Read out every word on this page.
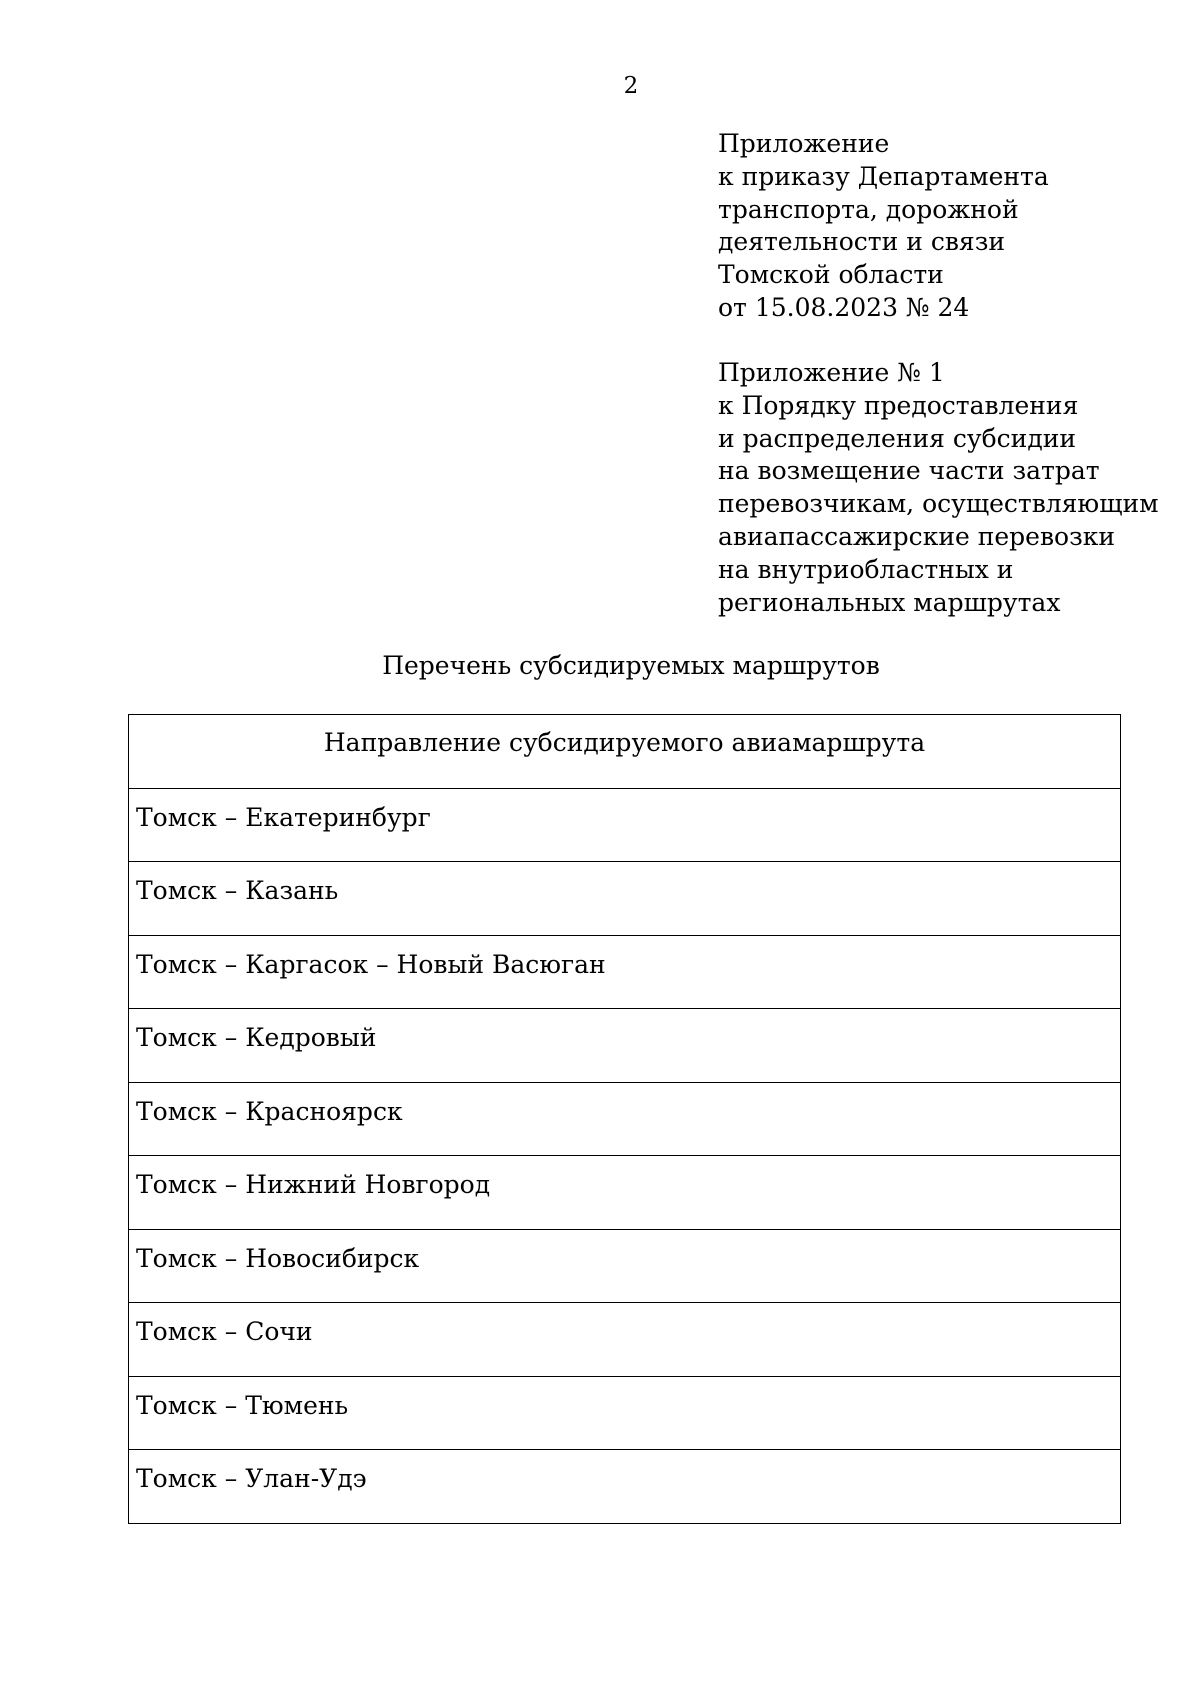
2
Приложение
к приказу Департамента
транспорта, дорожной
деятельности и связи
Томской области
от 15.08.2023 № 24
Приложение № 1
к Порядку предоставления
и распределения субсидии
на возмещение части затрат
перевозчикам, осуществляющим
авиапассажирские перевозки
на внутриобластных и
региональных маршрутах
Перечень субсидируемых маршрутов
Направление субсидируемого авиамаршрута
Томск – Екатеринбург
Томск – Казань
Томск – Каргасок – Новый Васюган
Томск – Кедровый
Томск – Красноярск
Томск – Нижний Новгород
Томск – Новосибирск
Томск – Сочи
Томск – Тюмень
Томск – Улан-Удэ
